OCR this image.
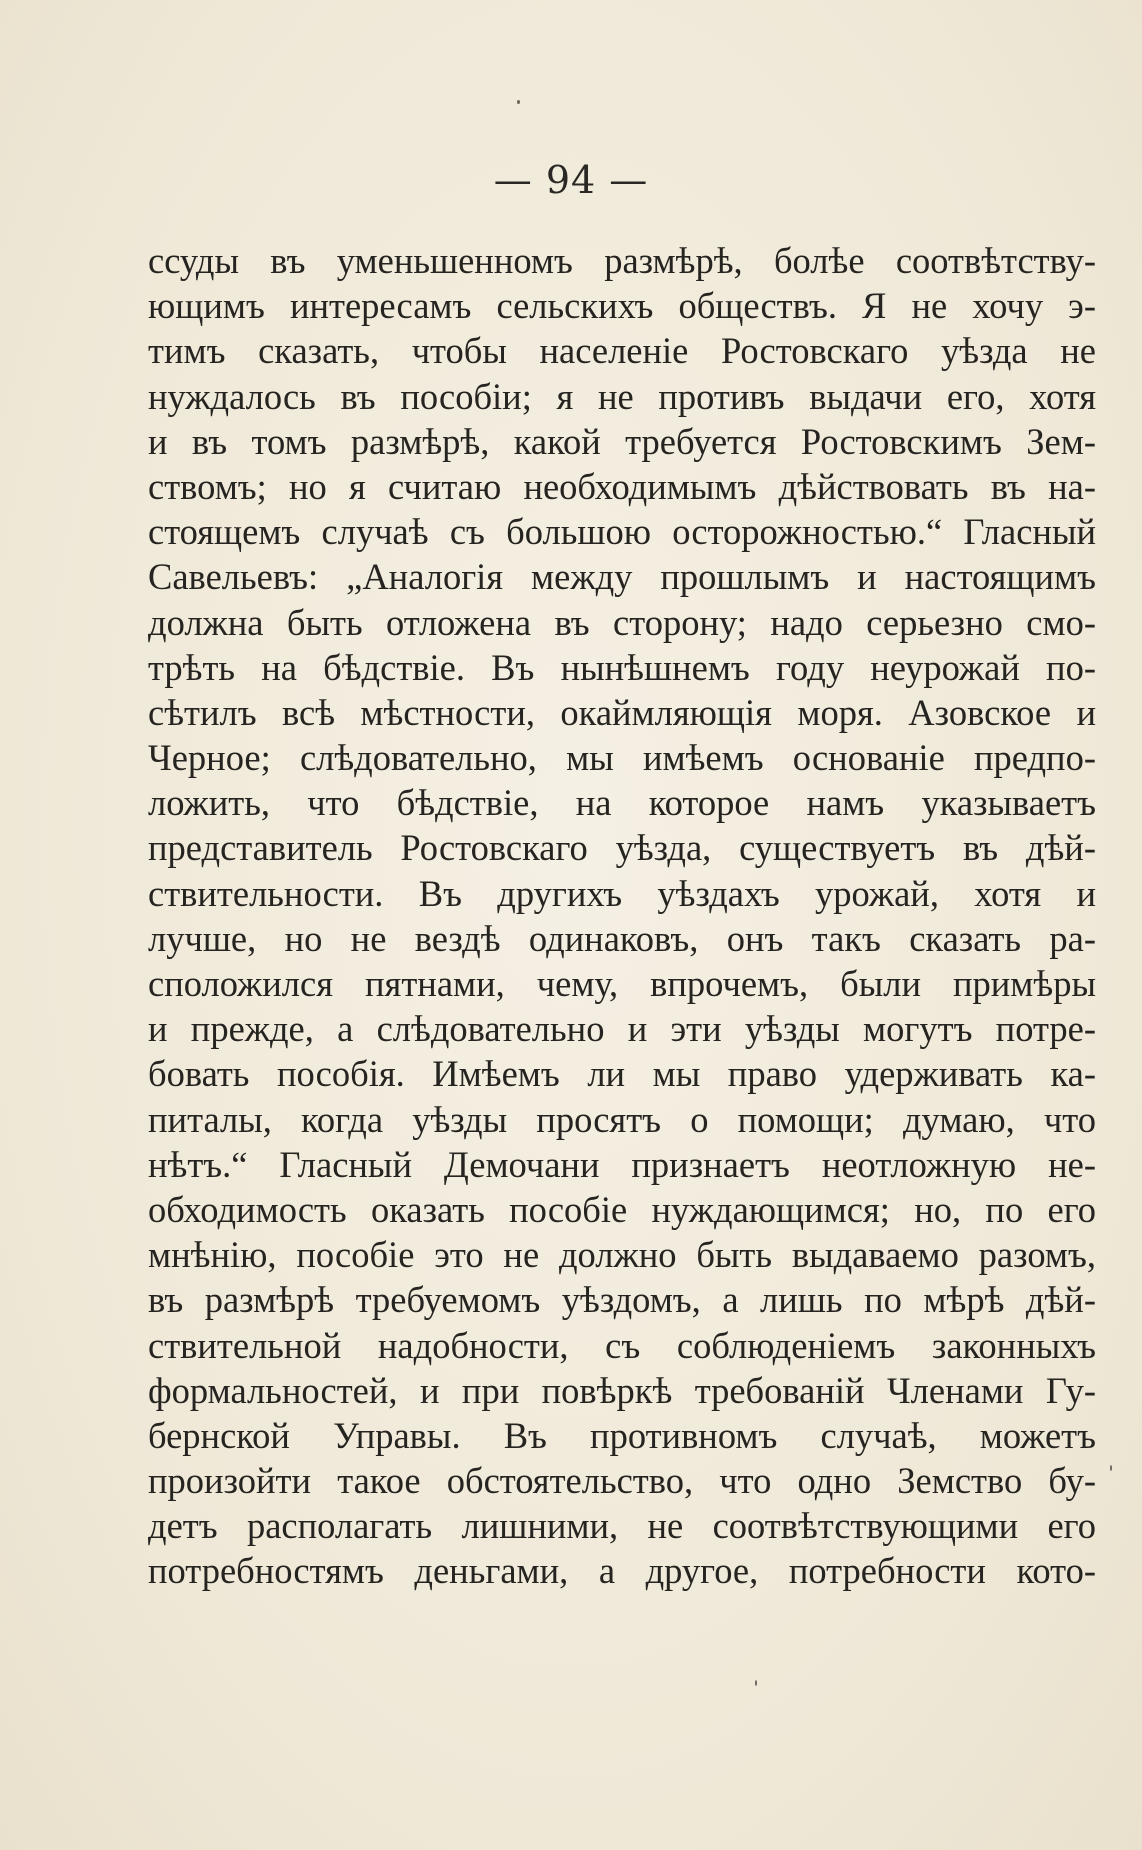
— 94 —
ссуды въ уменьшенномъ размѣрѣ, болѣе соотвѣтству-
ющимъ интересамъ сельскихъ обществъ. Я не хочу э-
тимъ сказать, чтобы населеніе Ростовскаго уѣзда не
нуждалось въ пособіи; я не противъ выдачи его, хотя
и въ томъ размѣрѣ, какой требуется Ростовскимъ Зем-
ствомъ; но я считаю необходимымъ дѣйствовать въ на-
стоящемъ случаѣ съ большою осторожностью.“ Гласный
Савельевъ: „Аналогія между прошлымъ и настоящимъ
должна быть отложена въ сторону; надо серьезно смо-
трѣть на бѣдствіе. Въ нынѣшнемъ году неурожай по-
сѣтилъ всѣ мѣстности, окаймляющія моря. Азовское и
Черное; слѣдовательно, мы имѣемъ основаніе предпо-
ложить, что бѣдствіе, на которое намъ указываетъ
представитель Ростовскаго уѣзда, существуетъ въ дѣй-
ствительности. Въ другихъ уѣздахъ урожай, хотя и
лучше, но не вездѣ одинаковъ, онъ такъ сказать ра-
сположился пятнами, чему, впрочемъ, были примѣры
и прежде, а слѣдовательно и эти уѣзды могутъ потре-
бовать пособія. Имѣемъ ли мы право удерживать ка-
питалы, когда уѣзды просятъ о помощи; думаю, что
нѣтъ.“ Гласный Демочани признаетъ неотложную не-
обходимость оказать пособіе нуждающимся; но, по его
мнѣнію, пособіе это не должно быть выдаваемо разомъ,
въ размѣрѣ требуемомъ уѣздомъ, а лишь по мѣрѣ дѣй-
ствительной надобности, съ соблюденіемъ законныхъ
формальностей, и при повѣркѣ требованій Членами Гу-
бернской Управы. Въ противномъ случаѣ, можетъ
произойти такое обстоятельство, что одно Земство бу-
детъ располагать лишними, не соотвѣтствующими его
потребностямъ деньгами, а другое, потребности кото-
